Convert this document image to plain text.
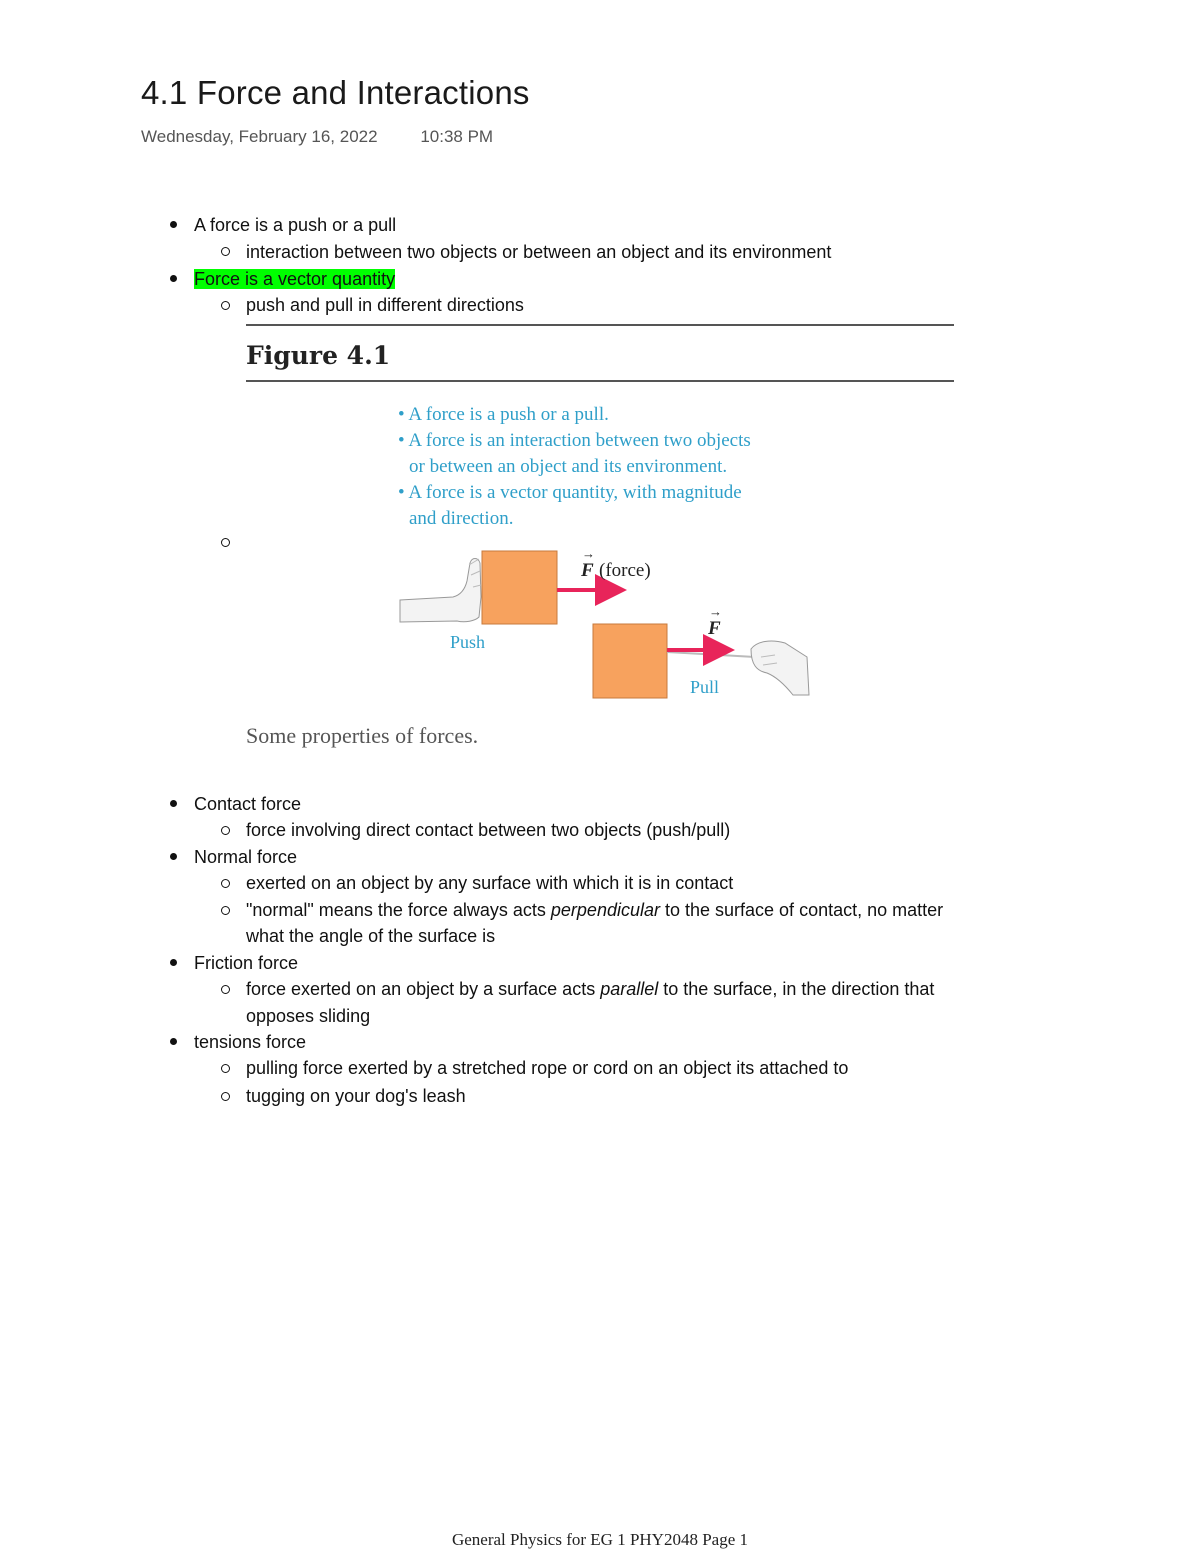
4.1 Force and Interactions
Wednesday, February 16, 2022	10:38 PM
A force is a push or a pull
interaction between two objects or between an object and its environment
Force is a vector quantity
push and pull in different directions
Figure 4.1
• A force is a push or a pull.
• A force is an interaction between two objects
or between an object and its environment.
• A force is a vector quantity, with magnitude
and direction.
F
→
(force)
Push
F
→
Pull
Some properties of forces.
Contact force
force involving direct contact between two objects (push/pull)
Normal force
exerted on an object by any surface with which it is in contact
"normal" means the force always acts perpendicular to the surface of contact, no matter
what the angle of the surface is
Friction force
force exerted on an object by a surface acts parallel to the surface, in the direction that
opposes sliding
tensions force
pulling force exerted by a stretched rope or cord on an object its attached to
tugging on your dog's leash
General Physics for EG 1 PHY2048 Page 1
